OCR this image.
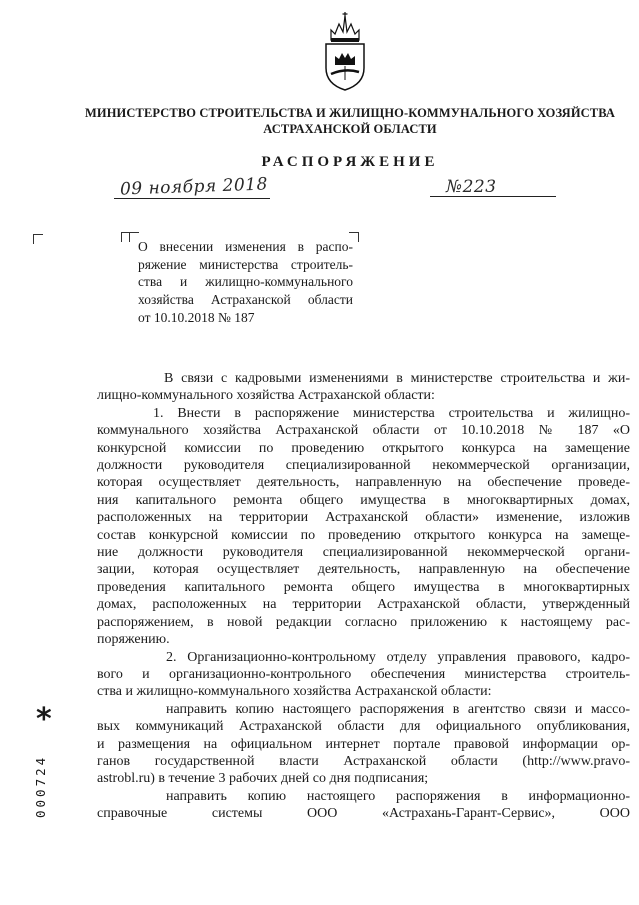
МИНИСТЕРСТВО СТРОИТЕЛЬСТВА И ЖИЛИЩНО-КОММУНАЛЬНОГО ХОЗЯЙСТВА
АСТРАХАНСКОЙ ОБЛАСТИ
РАСПОРЯЖЕНИЕ
09 ноября 2018	№223
О внесении изменения в распо-
ряжение министерства строитель-
ства и жилищно-коммунального
хозяйства Астраханской области
от 10.10.2018 № 187
В связи с кадровыми изменениями в министерстве строительства и жи-
лищно-коммунального хозяйства Астраханской области:
1. Внести в распоряжение министерства строительства и жилищно-
коммунального хозяйства Астраханской области от 10.10.2018 № 187 «О
конкурсной комиссии по проведению открытого конкурса на замещение
должности руководителя специализированной некоммерческой организации,
которая осуществляет деятельность, направленную на обеспечение проведе-
ния капитального ремонта общего имущества в многоквартирных домах,
расположенных на территории Астраханской области» изменение, изложив
состав конкурсной комиссии по проведению открытого конкурса на замеще-
ние должности руководителя специализированной некоммерческой органи-
зации, которая осуществляет деятельность, направленную на обеспечение
проведения капитального ремонта общего имущества в многоквартирных
домах, расположенных на территории Астраханской области, утвержденный
распоряжением, в новой редакции согласно приложению к настоящему рас-
поряжению.
2. Организационно-контрольному отделу управления правового, кадро-
вого и организационно-контрольного обеспечения министерства строитель-
ства и жилищно-коммунального хозяйства Астраханской области:
направить копию настоящего распоряжения в агентство связи и массо-
вых коммуникаций Астраханской области для официального опубликования,
и размещения на официальном интернет портале правовой информации ор-
ганов государственной власти Астраханской области (http://www.pravo-
astrobl.ru) в течение 3 рабочих дней со дня подписания;
направить копию настоящего распоряжения в информационно-
справочные системы ООО «Астрахань-Гарант-Сервис», ООО
*
000724
